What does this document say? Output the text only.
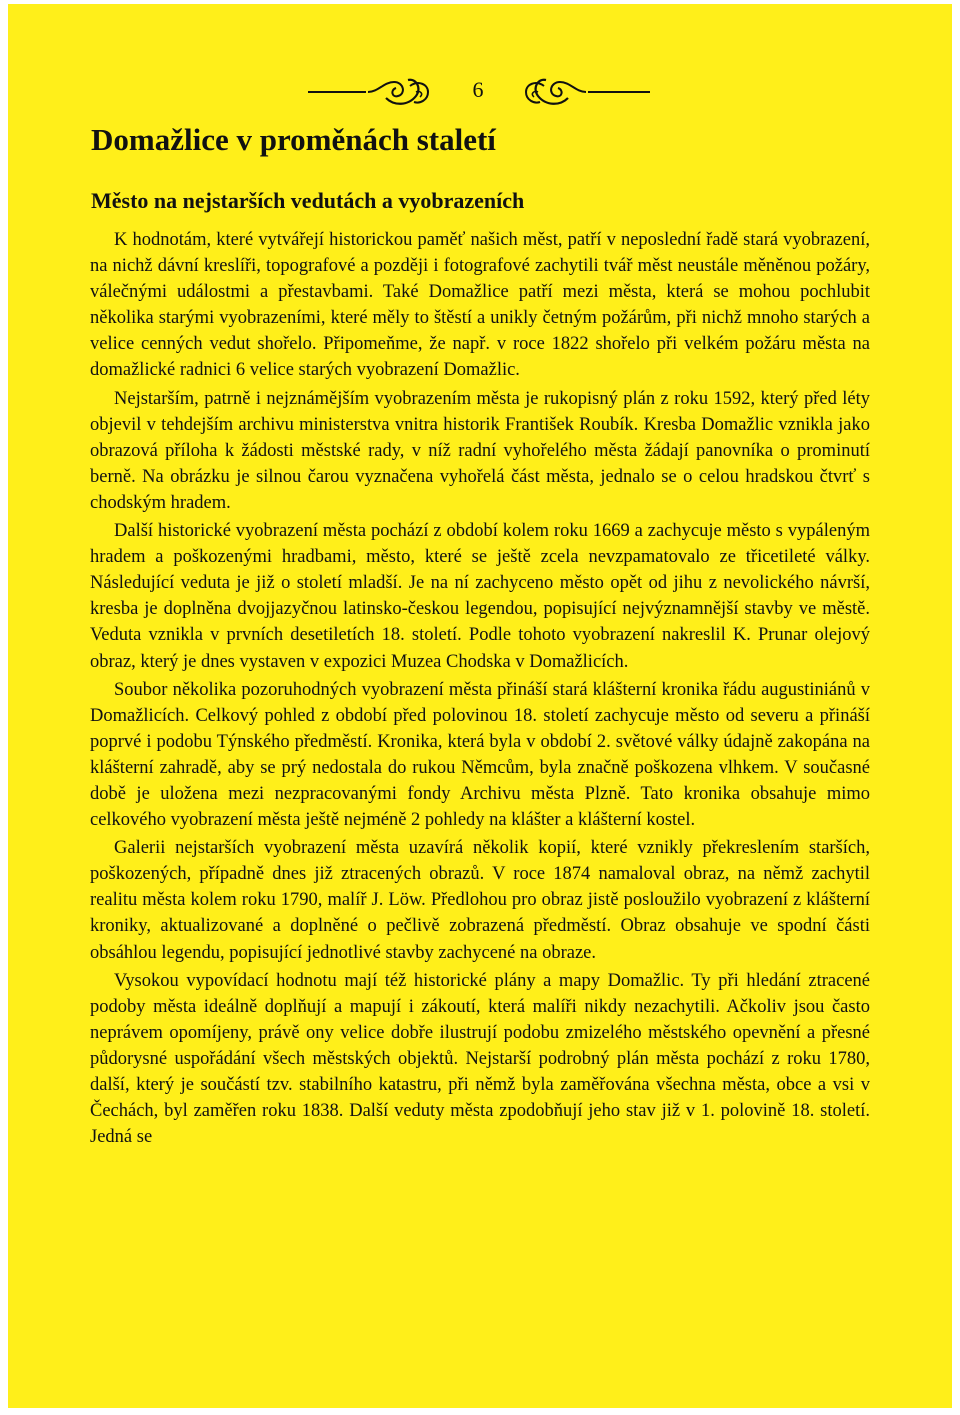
6
Domažlice v proměnách staletí
Město na nejstarších vedutách a vyobrazeních

K hodnotám, které vytvářejí historickou paměť našich měst, patří v neposlední řadě stará vyobrazení, na nichž dávní kreslíři, topografové a později i fotografové zachytili tvář měst neustále měněnou požáry, válečnými událostmi a přestavbami. Také Domažlice patří mezi města, která se mohou pochlubit několika starými vyobrazeními, které měly to štěstí a unikly četným požárům, při nichž mnoho starých a velice cenných vedut shořelo. Připomeňme, že např. v roce 1822 shořelo při velkém požáru města na domažlické radnici 6 velice starých vyobrazení Domažlic.

Nejstarším, patrně i nejznámějším vyobrazením města je rukopisný plán z roku 1592, který před léty objevil v tehdejším archivu ministerstva vnitra historik František Roubík. Kresba Domažlic vznikla jako obrazová příloha k žádosti městské rady, v níž radní vyhořelého města žádají panovníka o prominutí berně. Na obrázku je silnou čarou vyznačena vyhořelá část města, jednalo se o celou hradskou čtvrť s chodským hradem.

Další historické vyobrazení města pochází z období kolem roku 1669 a zachycuje město s vypáleným hradem a poškozenými hradbami, město, které se ještě zcela nevzpamatovalo ze třicetileté války. Následující veduta je již o století mladší. Je na ní zachyceno město opět od jihu z nevolického návrší, kresba je doplněna dvojjazyčnou latinsko-českou legendou, popisující nejvýznamnější stavby ve městě. Veduta vznikla v prvních desetiletích 18. století. Podle tohoto vyobrazení nakreslil K. Prunar olejový obraz, který je dnes vystaven v expozici Muzea Chodska v Domažlicích.

Soubor několika pozoruhodných vyobrazení města přináší stará klášterní kronika řádu augustiniánů v Domažlicích. Celkový pohled z období před polovinou 18. století zachycuje město od severu a přináší poprvé i podobu Týnského předměstí. Kronika, která byla v období 2. světové války údajně zakopána na klášterní zahradě, aby se prý nedostala do rukou Němcům, byla značně poškozena vlhkem. V současné době je uložena mezi nezpracovanými fondy Archivu města Plzně. Tato kronika obsahuje mimo celkového vyobrazení města ještě nejméně 2 pohledy na klášter a klášterní kostel.

Galerii nejstarších vyobrazení města uzavírá několik kopií, které vznikly překreslením starších, poškozených, případně dnes již ztracených obrazů. V roce 1874 namaloval obraz, na němž zachytil realitu města kolem roku 1790, malíř J. Löw. Předlohou pro obraz jistě posloužilo vyobrazení z klášterní kroniky, aktualizované a doplněné o pečlivě zobrazená předměstí. Obraz obsahuje ve spodní části obsáhlou legendu, popisující jednotlivé stavby zachycené na obraze.

Vysokou vypovídací hodnotu mají též historické plány a mapy Domažlic. Ty při hledání ztracené podoby města ideálně doplňují a mapují i zákoutí, která malíři nikdy nezachytili. Ačkoliv jsou často neprávem opomíjeny, právě ony velice dobře ilustrují podobu zmizelého městského opevnění a přesné půdorysné uspořádání všech městských objektů. Nejstarší podrobný plán města pochází z roku 1780, další, který je součástí tzv. stabilního katastru, při němž byla zaměřována všechna města, obce a vsi v Čechách, byl zaměřen roku 1838. Další veduty města zpodobňují jeho stav již v 1. polovině 18. století. Jedná se
